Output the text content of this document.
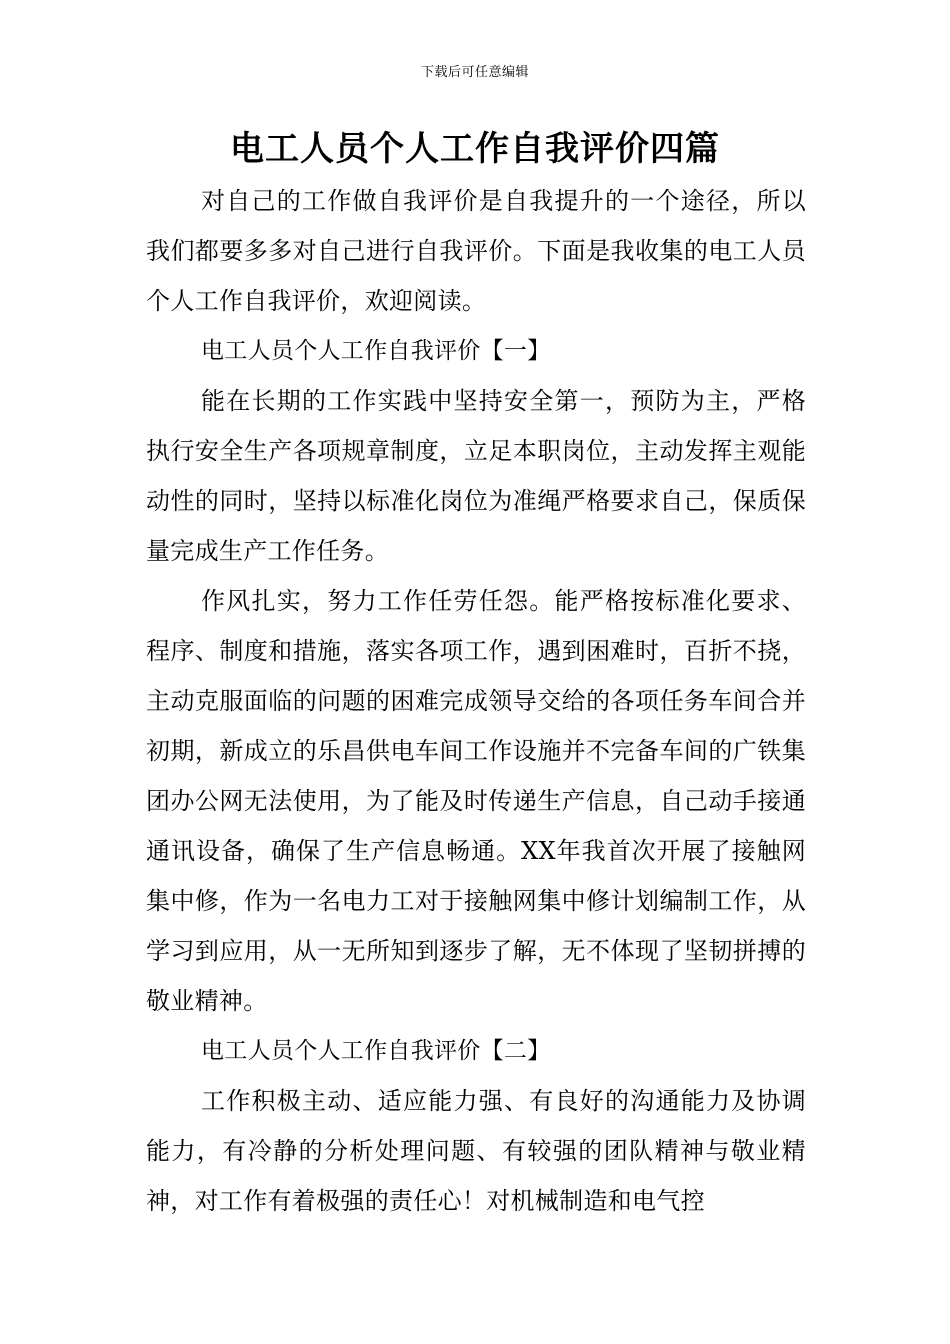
下载后可任意编辑
电工人员个人工作自我评价四篇

对自己的工作做自我评价是自我提升的一个途径，所以我们都要多多对自己进行自我评价。下面是我收集的电工人员个人工作自我评价，欢迎阅读。

电工人员个人工作自我评价【一】

能在长期的工作实践中坚持安全第一，预防为主，严格执行安全生产各项规章制度，立足本职岗位，主动发挥主观能动性的同时，坚持以标准化岗位为准绳严格要求自己，保质保量完成生产工作任务。

作风扎实，努力工作任劳任怨。能严格按标准化要求、程序、制度和措施，落实各项工作，遇到困难时，百折不挠，主动克服面临的问题的困难完成领导交给的各项任务车间合并初期，新成立的乐昌供电车间工作设施并不完备车间的广铁集团办公网无法使用，为了能及时传递生产信息，自己动手接通通讯设备，确保了生产信息畅通。XX年我首次开展了接触网集中修，作为一名电力工对于接触网集中修计划编制工作，从学习到应用，从一无所知到逐步了解，无不体现了坚韧拼搏的敬业精神。

电工人员个人工作自我评价【二】

工作积极主动、适应能力强、有良好的沟通能力及协调能力，有冷静的分析处理问题、有较强的团队精神与敬业精神，对工作有着极强的责任心！对机械制造和电气控
